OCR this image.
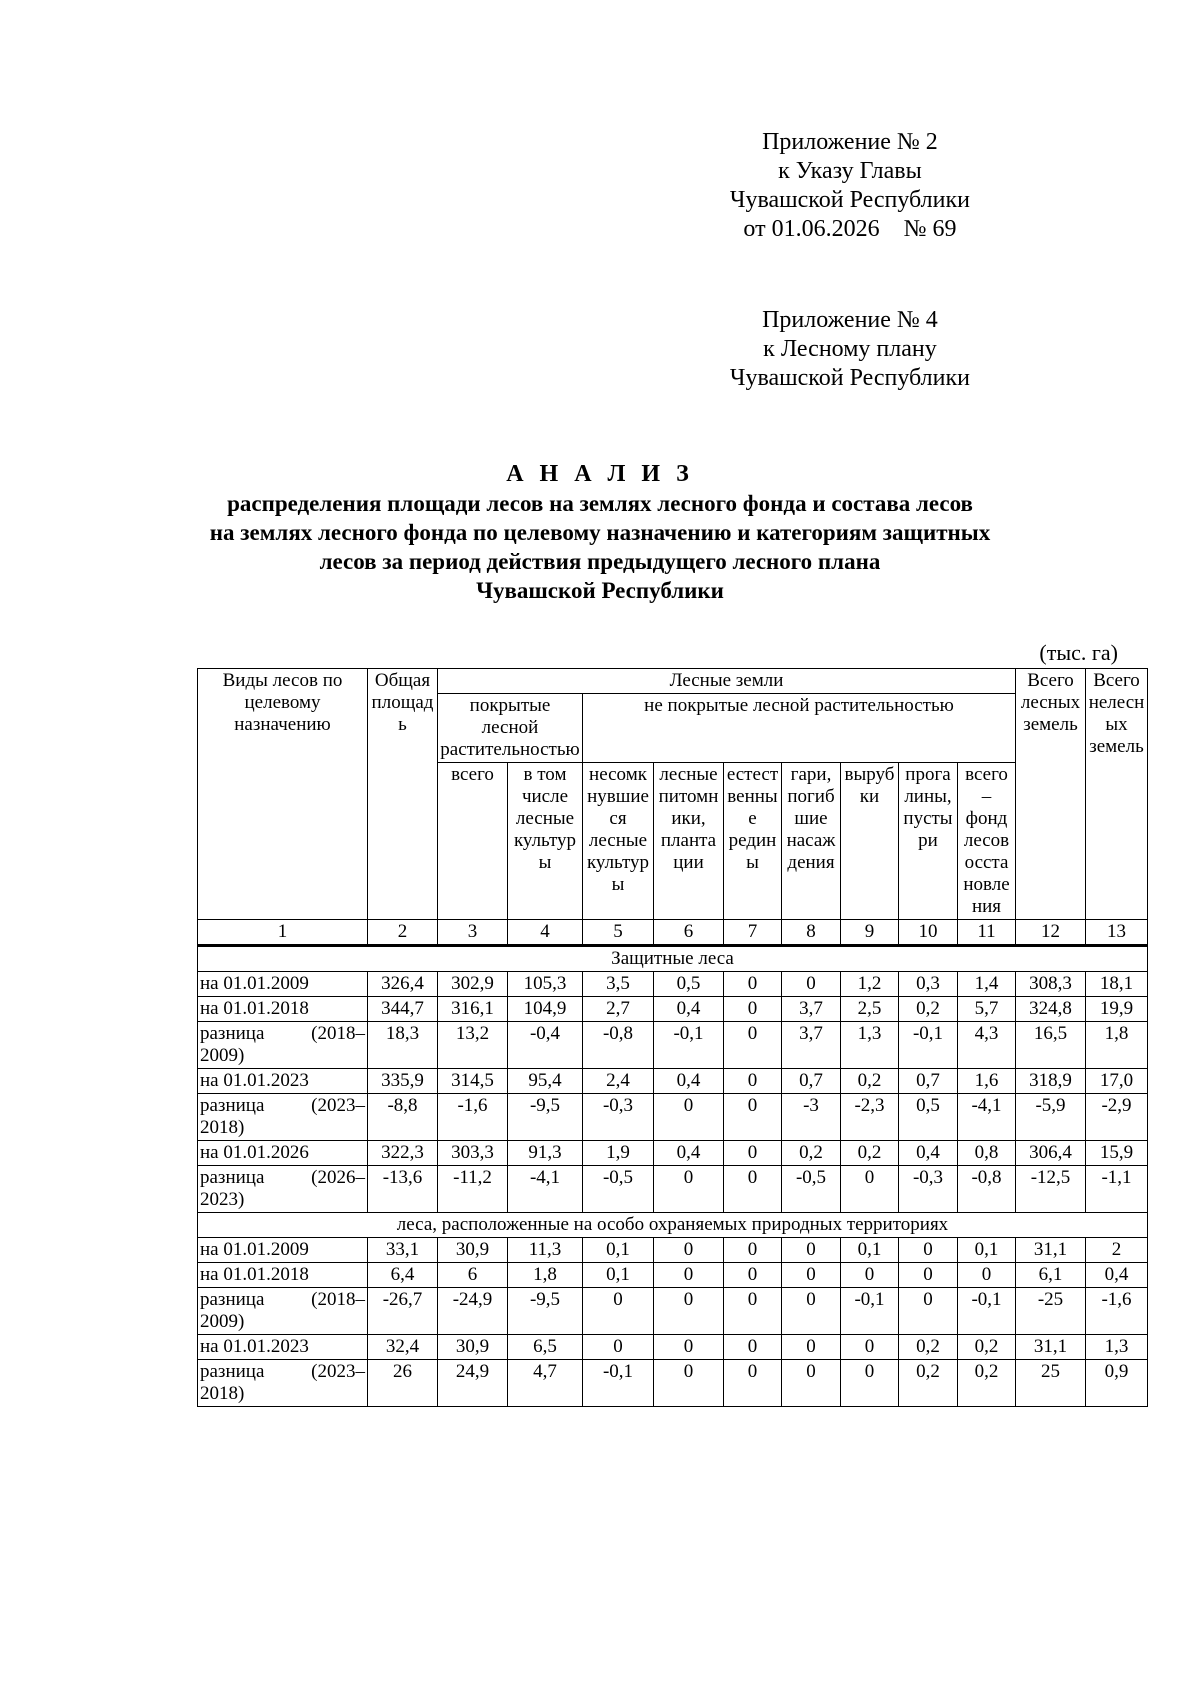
Приложение № 2
к Указу Главы
Чувашской Республики
от 01.06.2026    № 69
Приложение № 4
к Лесному плану
Чувашской Республики
А Н А Л И З
распределения площади лесов на землях лесного фонда и состава лесов
на землях лесного фонда по целевому назначению и категориям защитных
лесов за период действия предыдущего лесного плана
Чувашской Республики
(тыс. га)
Виды лесов по целевому назначению	Общая площадь	Лесные земли									Всего лесных земель	Всего нелесных земель
		покрытые лесной растительностью		не покрытые лесной растительностью								
		всего	в том числе лесные культуры	несомкнувшиеся лесные культуры	лесные питомники, плантации	естественные редины	гари, погибшие насаждения	вырубки	прогалины, пустыри	всего – фонд лесовосстановления		
1	2	3	4	5	6	7	8	9	10	11	12	13
Защитные леса												
на 01.01.2009	326,4	302,9	105,3	3,5	0,5	0	0	1,2	0,3	1,4	308,3	18,1
на 01.01.2018	344,7	316,1	104,9	2,7	0,4	0	3,7	2,5	0,2	5,7	324,8	19,9
разница (2018–2009)	18,3	13,2	-0,4	-0,8	-0,1	0	3,7	1,3	-0,1	4,3	16,5	1,8
на 01.01.2023	335,9	314,5	95,4	2,4	0,4	0	0,7	0,2	0,7	1,6	318,9	17,0
разница (2023–2018)	-8,8	-1,6	-9,5	-0,3	0	0	-3	-2,3	0,5	-4,1	-5,9	-2,9
на 01.01.2026	322,3	303,3	91,3	1,9	0,4	0	0,2	0,2	0,4	0,8	306,4	15,9
разница (2026–2023)	-13,6	-11,2	-4,1	-0,5	0	0	-0,5	0	-0,3	-0,8	-12,5	-1,1
леса, расположенные на особо охраняемых природных территориях												
на 01.01.2009	33,1	30,9	11,3	0,1	0	0	0	0,1	0	0,1	31,1	2
на 01.01.2018	6,4	6	1,8	0,1	0	0	0	0	0	0	6,1	0,4
разница (2018–2009)	-26,7	-24,9	-9,5	0	0	0	0	-0,1	0	-0,1	-25	-1,6
на 01.01.2023	32,4	30,9	6,5	0	0	0	0	0	0,2	0,2	31,1	1,3
разница (2023–2018)	26	24,9	4,7	-0,1	0	0	0	0	0,2	0,2	25	0,9
